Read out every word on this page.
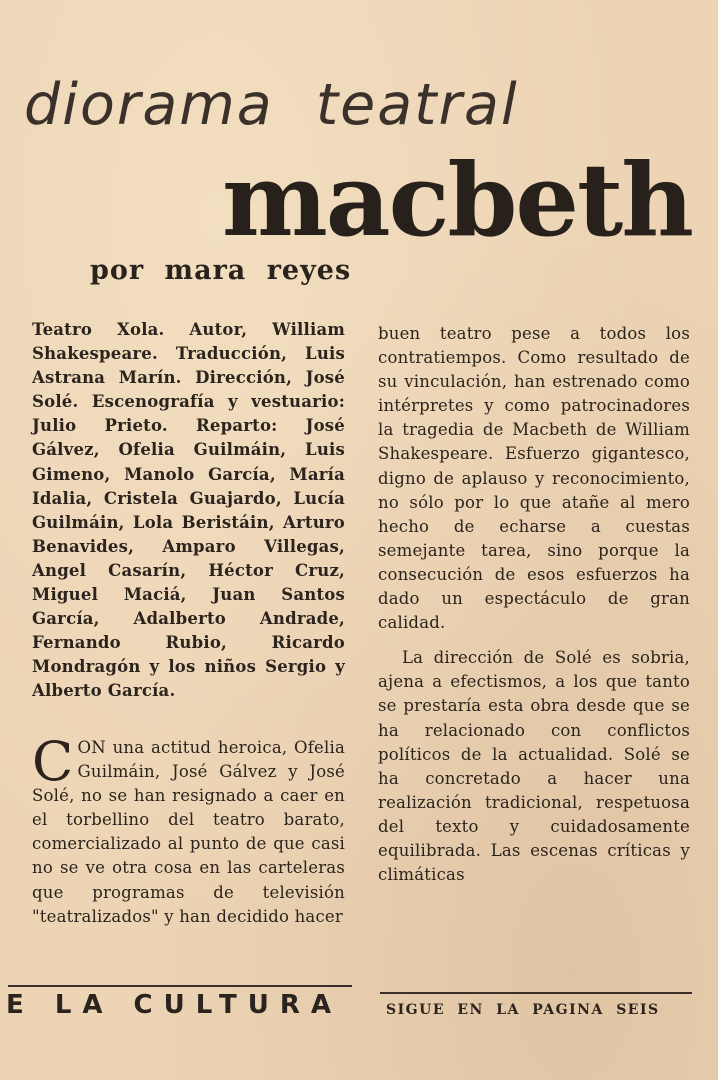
diorama teatral
macbeth
por mara reyes

Teatro Xola. Autor, William Shakespeare. Traducción, Luis Astrana Marín. Dirección, José Solé. Escenografía y vestuario: Julio Prieto. Reparto: José Gálvez, Ofelia Guilmáin, Luis Gimeno, Manolo García, María Idalia, Cristela Guajardo, Lucía Guilmáin, Lola Beristáin, Arturo Benavides, Amparo Villegas, Angel Casarín, Héctor Cruz, Miguel Maciá, Juan Santos García, Adalberto Andrade, Fernando Rubio, Ricardo Mondragón y los niños Sergio y Alberto García.

C ON una actitud heroica, Ofelia Guilmáin, José Gálvez y José Solé, no se han resignado a caer en el torbellino del teatro barato, comercializado al punto de que casi no se ve otra cosa en las carteleras que programas de televisión "teatralizados" y han decidido hacer

buen teatro pese a todos los contratiempos. Como resultado de su vinculación, han estrenado como intérpretes y como patrocinadores la tragedia de Macbeth de William Shakespeare. Esfuerzo gigantesco, digno de aplauso y reconocimiento, no sólo por lo que atañe al mero hecho de echarse a cuestas semejante tarea, sino porque la consecución de esos esfuerzos ha dado un espectáculo de gran calidad.

La dirección de Solé es sobria, ajena a efectismos, a los que tanto se prestaría esta obra desde que se ha relacionado con conflictos políticos de la actualidad. Solé se ha concretado a hacer una realización tradicional, respetuosa del texto y cuidadosamente equilibrada. Las escenas críticas y climáticas

E LA CULTURA	SIGUE EN LA PAGINA SEIS
